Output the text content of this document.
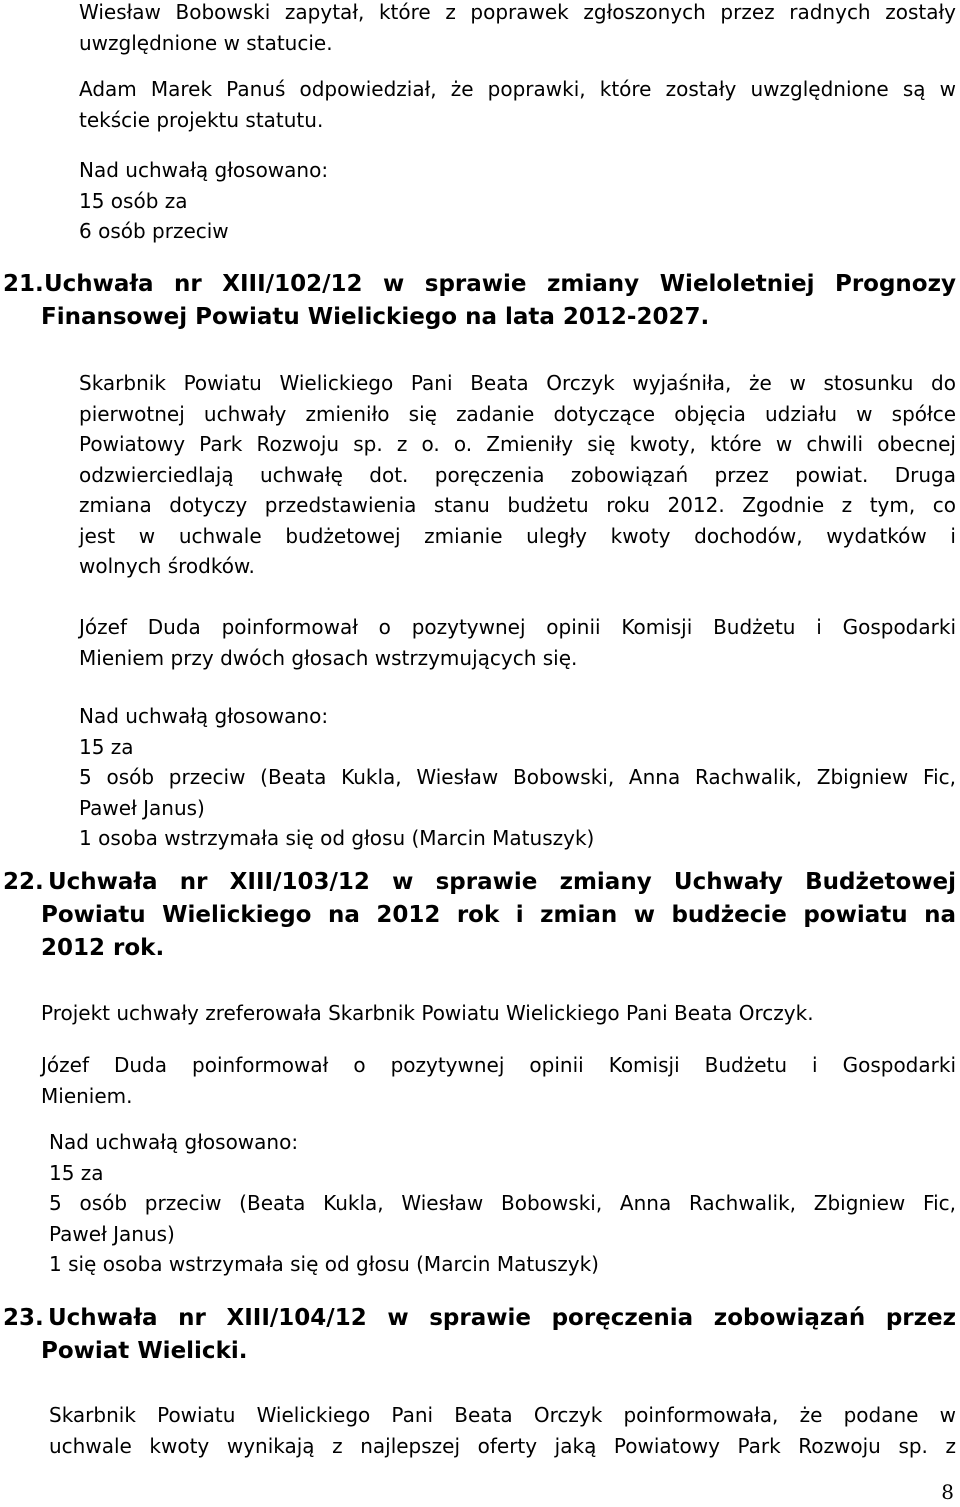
Wiesław Bobowski zapytał, które z poprawek zgłoszonych przez radnych zostały
uwzględnione w statucie.
Adam Marek Panuś odpowiedział, że poprawki, które zostały uwzględnione są w
tekście projektu statutu.
Nad uchwałą głosowano:
15 osób za
6 osób przeciw
21.Uchwała nr XIII/102/12 w sprawie zmiany Wieloletniej Prognozy
Finansowej Powiatu Wielickiego na lata 2012-2027.
Skarbnik Powiatu Wielickiego Pani Beata Orczyk wyjaśniła, że w stosunku do
pierwotnej uchwały zmieniło się zadanie dotyczące objęcia udziału w spółce
Powiatowy Park Rozwoju sp. z o. o. Zmieniły się kwoty, które w chwili obecnej
odzwierciedlają uchwałę dot. poręczenia zobowiązań przez powiat. Druga
zmiana dotyczy przedstawienia stanu budżetu roku 2012. Zgodnie z tym, co
jest w uchwale budżetowej zmianie uległy kwoty dochodów, wydatków i
wolnych środków.
Józef Duda poinformował o pozytywnej opinii Komisji Budżetu i Gospodarki
Mieniem przy dwóch głosach wstrzymujących się.
Nad uchwałą głosowano:
15 za
5 osób przeciw (Beata Kukla, Wiesław Bobowski, Anna Rachwalik, Zbigniew Fic,
Paweł Janus)
1 osoba wstrzymała się od głosu (Marcin Matuszyk)
22. Uchwała nr XIII/103/12 w sprawie zmiany Uchwały Budżetowej
Powiatu Wielickiego na 2012 rok i zmian w budżecie powiatu na
2012 rok.
Projekt uchwały zreferowała Skarbnik Powiatu Wielickiego Pani Beata Orczyk.
Józef Duda poinformował o pozytywnej opinii Komisji Budżetu i Gospodarki
Mieniem.
Nad uchwałą głosowano:
15 za
5 osób przeciw (Beata Kukla, Wiesław Bobowski, Anna Rachwalik, Zbigniew Fic,
Paweł Janus)
1 się osoba wstrzymała się od głosu (Marcin Matuszyk)
23. Uchwała nr XIII/104/12 w sprawie poręczenia zobowiązań przez
Powiat Wielicki.
Skarbnik Powiatu Wielickiego Pani Beata Orczyk poinformowała, że podane w
uchwale kwoty wynikają z najlepszej oferty jaką Powiatowy Park Rozwoju sp. z
8
